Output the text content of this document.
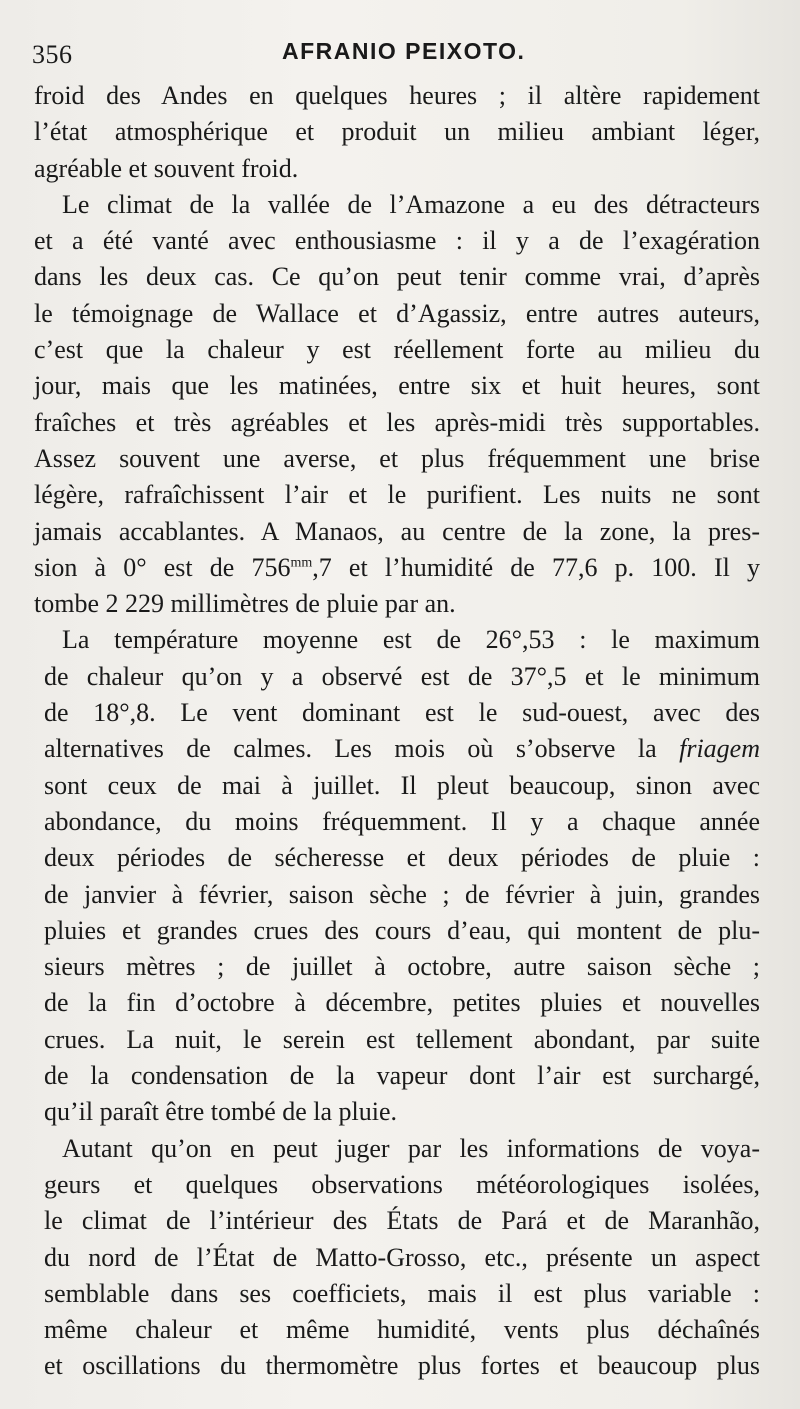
356	AFRANIO PEIXOTO.
froid des Andes en quelques heures ; il altère rapidement
l’état atmosphérique et produit un milieu ambiant léger,
agréable et souvent froid.
Le climat de la vallée de l’Amazone a eu des détracteurs
et a été vanté avec enthousiasme : il y a de l’exagération
dans les deux cas. Ce qu’on peut tenir comme vrai, d’après
le témoignage de Wallace et d’Agassiz, entre autres auteurs,
c’est que la chaleur y est réellement forte au milieu du
jour, mais que les matinées, entre six et huit heures, sont
fraîches et très agréables et les après-midi très supportables.
Assez souvent une averse, et plus fréquemment une brise
légère, rafraîchissent l’air et le purifient. Les nuits ne sont
jamais accablantes. A Manaos, au centre de la zone, la pres-
sion à 0° est de $756^{mm},7$ et l’humidité de 77,6 p. 100. Il y
tombe 2 229 millimètres de pluie par an.
La température moyenne est de 26°,53 : le maximum
de chaleur qu’on y a observé est de 37°,5 et le minimum
de 18°,8. Le vent dominant est le sud-ouest, avec des
alternatives de calmes. Les mois où s’observe la friagem
sont ceux de mai à juillet. Il pleut beaucoup, sinon avec
abondance, du moins fréquemment. Il y a chaque année
deux périodes de sécheresse et deux périodes de pluie :
de janvier à février, saison sèche ; de février à juin, grandes
pluies et grandes crues des cours d’eau, qui montent de plu-
sieurs mètres ; de juillet à octobre, autre saison sèche ;
de la fin d’octobre à décembre, petites pluies et nouvelles
crues. La nuit, le serein est tellement abondant, par suite
de la condensation de la vapeur dont l’air est surchargé,
qu’il paraît être tombé de la pluie.
Autant qu’on en peut juger par les informations de voya-
geurs et quelques observations météorologiques isolées,
le climat de l’intérieur des États de Pará et de Maranhão,
du nord de l’État de Matto-Grosso, etc., présente un aspect
semblable dans ses coefficiets, mais il est plus variable :
même chaleur et même humidité, vents plus déchaînés
et oscillations du thermomètre plus fortes et beaucoup plus
